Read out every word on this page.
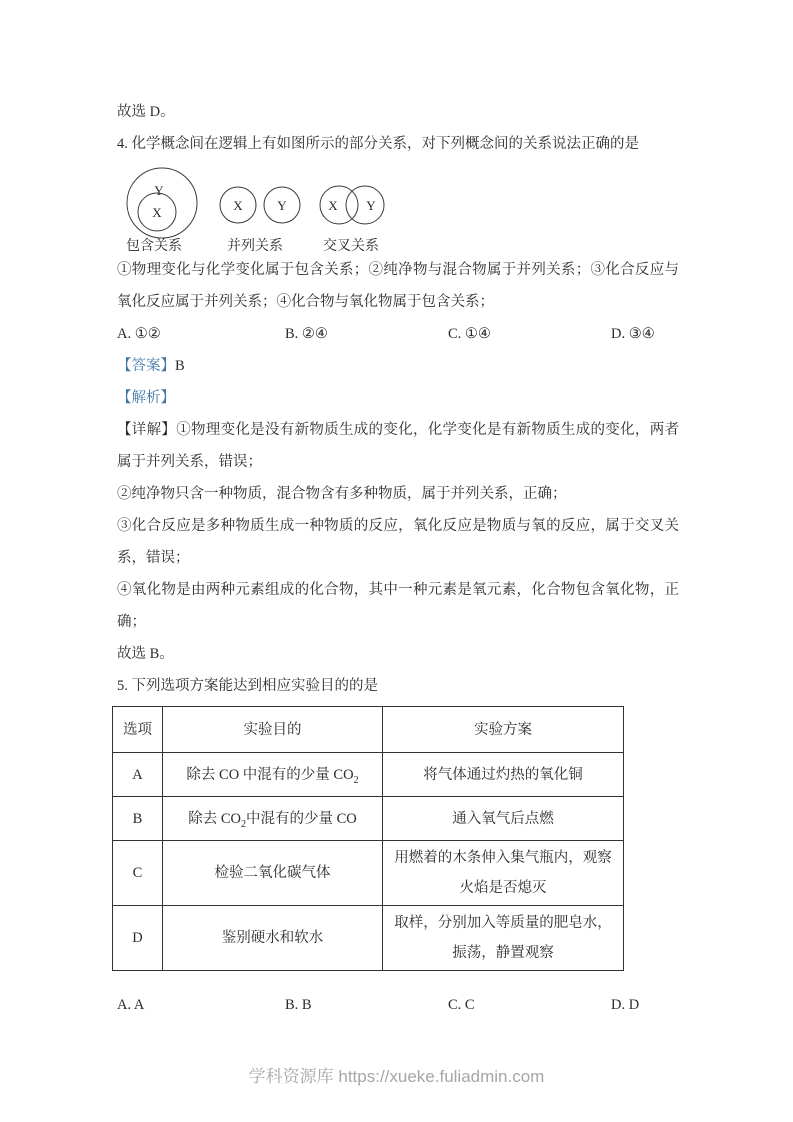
故选 D。

4. 化学概念间在逻辑上有如图所示的部分关系，对下列概念间的关系说法正确的是

Y
X
包含关系
X	Y
并列关系
X Y
交叉关系

①物理变化与化学变化属于包含关系；②纯净物与混合物属于并列关系；③化合反应与氧化反应属于并列关系；④化合物与氧化物属于包含关系；

A. ①②	B. ②④	C. ①④	D. ③④

【答案】B

【解析】

【详解】①物理变化是没有新物质生成的变化，化学变化是有新物质生成的变化，两者属于并列关系，错误；

②纯净物只含一种物质，混合物含有多种物质，属于并列关系，正确；

③化合反应是多种物质生成一种物质的反应，氧化反应是物质与氧的反应，属于交叉关系，错误；

④氧化物是由两种元素组成的化合物，其中一种元素是氧元素，化合物包含氧化物，正确；

故选 B。

5. 下列选项方案能达到相应实验目的的是

选项	实验目的	实验方案
A	除去 CO 中混有的少量 $CO_2$	将气体通过灼热的氧化铜
B	除去 $CO_2$中混有的少量 CO	通入氧气后点燃
C	检验二氧化碳气体	用燃着的木条伸入集气瓶内，观察火焰是否熄灭
D	鉴别硬水和软水	取样，分别加入等质量的肥皂水，振荡，静置观察
A. A	B. B	C. C	D. D
学科资源库 https://xueke.fuliadmin.com
